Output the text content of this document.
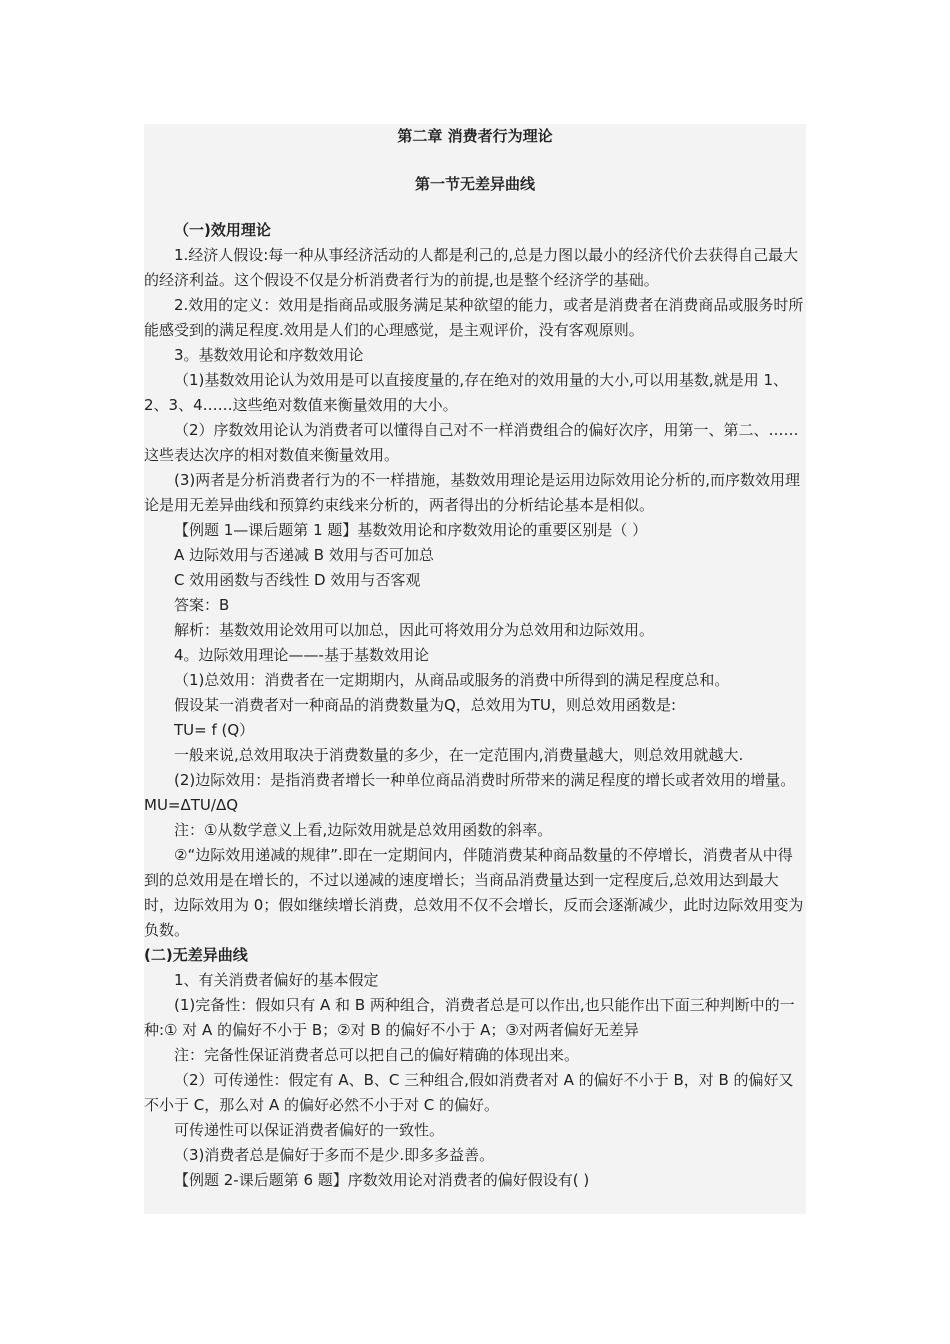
第二章 消费者行为理论

第一节无差异曲线

（一)效用理论

1.经济人假设:每一种从事经济活动的人都是利己的,总是力图以最小的经济代价去获得自己最大的经济利益。这个假设不仅是分析消费者行为的前提,也是整个经济学的基础。

2.效用的定义：效用是指商品或服务满足某种欲望的能力，或者是消费者在消费商品或服务时所能感受到的满足程度.效用是人们的心理感觉，是主观评价，没有客观原则。

3。基数效用论和序数效用论

（1)基数效用论认为效用是可以直接度量的,存在绝对的效用量的大小,可以用基数,就是用 1、2、3、4……这些绝对数值来衡量效用的大小。

（2）序数效用论认为消费者可以懂得自己对不一样消费组合的偏好次序，用第一、第二、……这些表达次序的相对数值来衡量效用。

(3)两者是分析消费者行为的不一样措施，基数效用理论是运用边际效用论分析的,而序数效用理论是用无差异曲线和预算约束线来分析的，两者得出的分析结论基本是相似。

【例题 1—课后题第 1 题】基数效用论和序数效用论的重要区别是（ ）

A 边际效用与否递减 B 效用与否可加总

C 效用函数与否线性 D 效用与否客观

答案：B

解析：基数效用论效用可以加总，因此可将效用分为总效用和边际效用。

4。边际效用理论——-基于基数效用论

（1)总效用：消费者在一定期期内，从商品或服务的消费中所得到的满足程度总和。

假设某一消费者对一种商品的消费数量为Q，总效用为TU，则总效用函数是:

TU= f (Q）

一般来说,总效用取决于消费数量的多少，在一定范围内,消费量越大，则总效用就越大.

(2)边际效用：是指消费者增长一种单位商品消费时所带来的满足程度的增长或者效用的增量。MU=ΔTU/ΔQ

注：①从数学意义上看,边际效用就是总效用函数的斜率。

②“边际效用递减的规律”.即在一定期间内，伴随消费某种商品数量的不停增长，消费者从中得到的总效用是在增长的，不过以递减的速度增长；当商品消费量达到一定程度后,总效用达到最大时，边际效用为 0；假如继续增长消费，总效用不仅不会增长，反而会逐渐减少，此时边际效用变为负数。

(二)无差异曲线

1、有关消费者偏好的基本假定

(1)完备性：假如只有 A 和 B 两种组合，消费者总是可以作出,也只能作出下面三种判断中的一种:① 对 A 的偏好不小于 B；②对 B 的偏好不小于 A；③对两者偏好无差异

注：完备性保证消费者总可以把自己的偏好精确的体现出来。

（2）可传递性：假定有 A、B、C 三种组合,假如消费者对 A 的偏好不小于 B，对 B 的偏好又不小于 C，那么对 A 的偏好必然不小于对 C 的偏好。

可传递性可以保证消费者偏好的一致性。

（3)消费者总是偏好于多而不是少.即多多益善。

【例题 2-课后题第 6 题】序数效用论对消费者的偏好假设有( )
